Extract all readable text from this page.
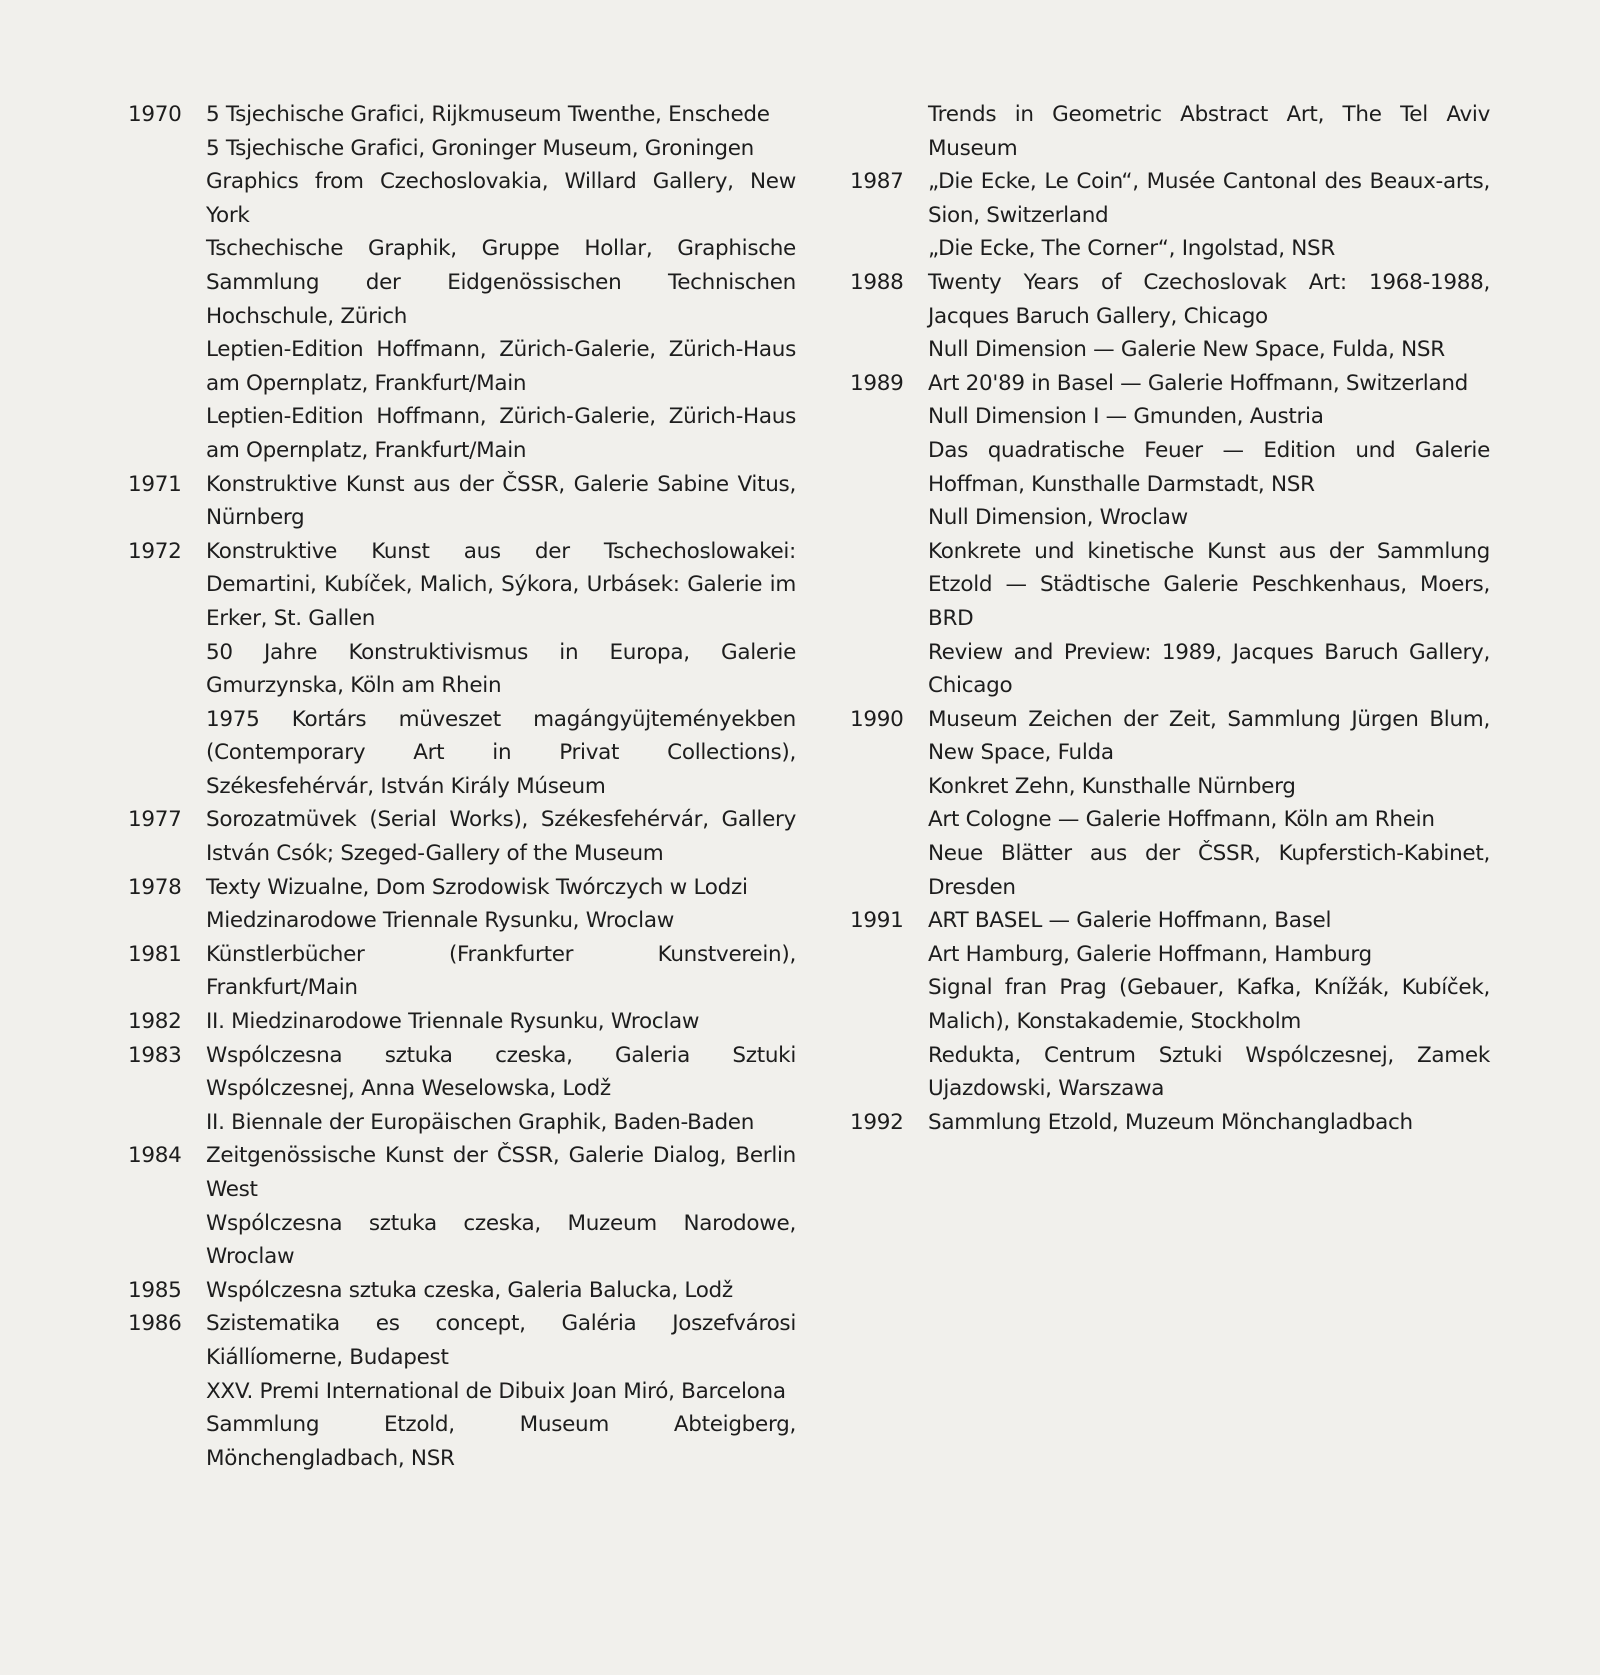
1970 5 Tsjechische Grafici, Rijkmuseum Twenthe, Enschede
5 Tsjechische Grafici, Groninger Museum, Groningen
Graphics from Czechoslovakia, Willard Gallery, New York
Tschechische Graphik, Gruppe Hollar, Graphische Sammlung der Eidgenössischen Technischen Hochschule, Zürich
Leptien-Edition Hoffmann, Zürich-Galerie, Zürich-Haus am Opernplatz, Frankfurt/Main
Leptien-Edition Hoffmann, Zürich-Galerie, Zürich-Haus am Opernplatz, Frankfurt/Main
1971 Konstruktive Kunst aus der ČSSR, Galerie Sabine Vitus, Nürnberg
1972 Konstruktive Kunst aus der Tschechoslowakei: Demartini, Kubíček, Malich, Sýkora, Urbásek: Galerie im Erker, St. Gallen
50 Jahre Konstruktivismus in Europa, Galerie Gmurzynska, Köln am Rhein
1975 Kortárs müveszet magángyüjteményekben (Contemporary Art in Privat Collections), Székesfehérvár, István Király Múseum
1977 Sorozatmüvek (Serial Works), Székesfehérvár, Gallery István Csók; Szeged-Gallery of the Museum
1978 Texty Wizualne, Dom Szrodowisk Twórczych w Lodzi
Miedzinarodowe Triennale Rysunku, Wroclaw
1981 Künstlerbücher (Frankfurter Kunstverein), Frankfurt/Main
1982 II. Miedzinarodowe Triennale Rysunku, Wroclaw
1983 Wspólczesna sztuka czeska, Galeria Sztuki Wspólczesnej, Anna Weselowska, Lodž
II. Biennale der Europäischen Graphik, Baden-Baden
1984 Zeitgenössische Kunst der ČSSR, Galerie Dialog, Berlin West
Wspólczesna sztuka czeska, Muzeum Narodowe, Wroclaw
1985 Wspólczesna sztuka czeska, Galeria Balucka, Lodž
1986 Szistematika es concept, Galéria Joszefvárosi Kiállíomerne, Budapest
XXV. Premi International de Dibuix Joan Miró, Barcelona
Sammlung Etzold, Museum Abteigberg, Mönchengladbach, NSR
Trends in Geometric Abstract Art, The Tel Aviv Museum
1987 „Die Ecke, Le Coin“, Musée Cantonal des Beaux-arts, Sion, Switzerland
„Die Ecke, The Corner“, Ingolstad, NSR
1988 Twenty Years of Czechoslovak Art: 1968-1988, Jacques Baruch Gallery, Chicago
Null Dimension — Galerie New Space, Fulda, NSR
1989 Art 20'89 in Basel — Galerie Hoffmann, Switzerland
Null Dimension I — Gmunden, Austria
Das quadratische Feuer — Edition und Galerie Hoffman, Kunsthalle Darmstadt, NSR
Null Dimension, Wroclaw
Konkrete und kinetische Kunst aus der Sammlung Etzold — Städtische Galerie Peschkenhaus, Moers, BRD
Review and Preview: 1989, Jacques Baruch Gallery, Chicago
1990 Museum Zeichen der Zeit, Sammlung Jürgen Blum, New Space, Fulda
Konkret Zehn, Kunsthalle Nürnberg
Art Cologne — Galerie Hoffmann, Köln am Rhein
Neue Blätter aus der ČSSR, Kupferstich-Kabinet, Dresden
1991 ART BASEL — Galerie Hoffmann, Basel
Art Hamburg, Galerie Hoffmann, Hamburg
Signal fran Prag (Gebauer, Kafka, Knížák, Kubíček, Malich), Konstakademie, Stockholm
Redukta, Centrum Sztuki Wspólczesnej, Zamek Ujazdowski, Warszawa
1992 Sammlung Etzold, Muzeum Mönchangladbach
